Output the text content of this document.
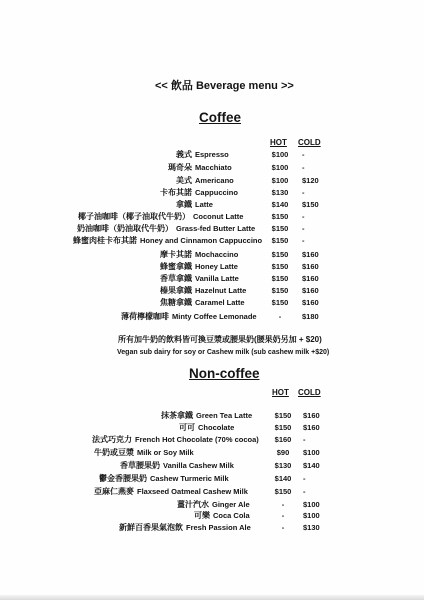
<< 飲品 Beverage menu >>
Coffee
HOT COLD
義式 Espresso	$100	-
瑪奇朵 Macchiato	$100	-
美式 Americano	$100	$120
卡布其諾 Cappuccino	$130	-
拿鐵 Latte	$140	$150
椰子油咖啡（椰子油取代牛奶） Coconut Latte	$150	-
奶油咖啡（奶油取代牛奶） Grass-fed Butter Latte	$150	-
蜂蜜肉桂卡布其諾 Honey and Cinnamon Cappuccino	$150	-
摩卡其諾 Mochaccino	$150	$160
蜂蜜拿鐵 Honey Latte	$150	$160
香草拿鐵 Vanilla Latte	$150	$160
榛果拿鐵 Hazelnut Latte	$150	$160
焦糖拿鐵 Caramel Latte	$150	$160
薄荷檸檬咖啡 Minty Coffee Lemonade	-	$180
所有加牛奶的飲料皆可換豆漿或腰果奶(腰果奶另加 + $20)
Vegan sub dairy for soy or Cashew milk (sub cashew milk +$20)
Non-coffee
HOT COLD
抹茶拿鐵 Green Tea Latte	$150	$160
可可 Chocolate	$150	$160
法式巧克力 French Hot Chocolate (70% cocoa)	$160	-
牛奶或豆漿 Milk or Soy Milk	$90	$100
香草腰果奶 Vanilla Cashew Milk	$130	$140
鬱金香腰果奶 Cashew Turmeric Milk	$140	-
亞麻仁燕麥 Flaxseed Oatmeal Cashew Milk	$150	-
薑汁汽水 Ginger Ale	-	$100
可樂 Coca Cola	-	$100
新鮮百香果氣泡飲 Fresh Passion Ale	-	$130
